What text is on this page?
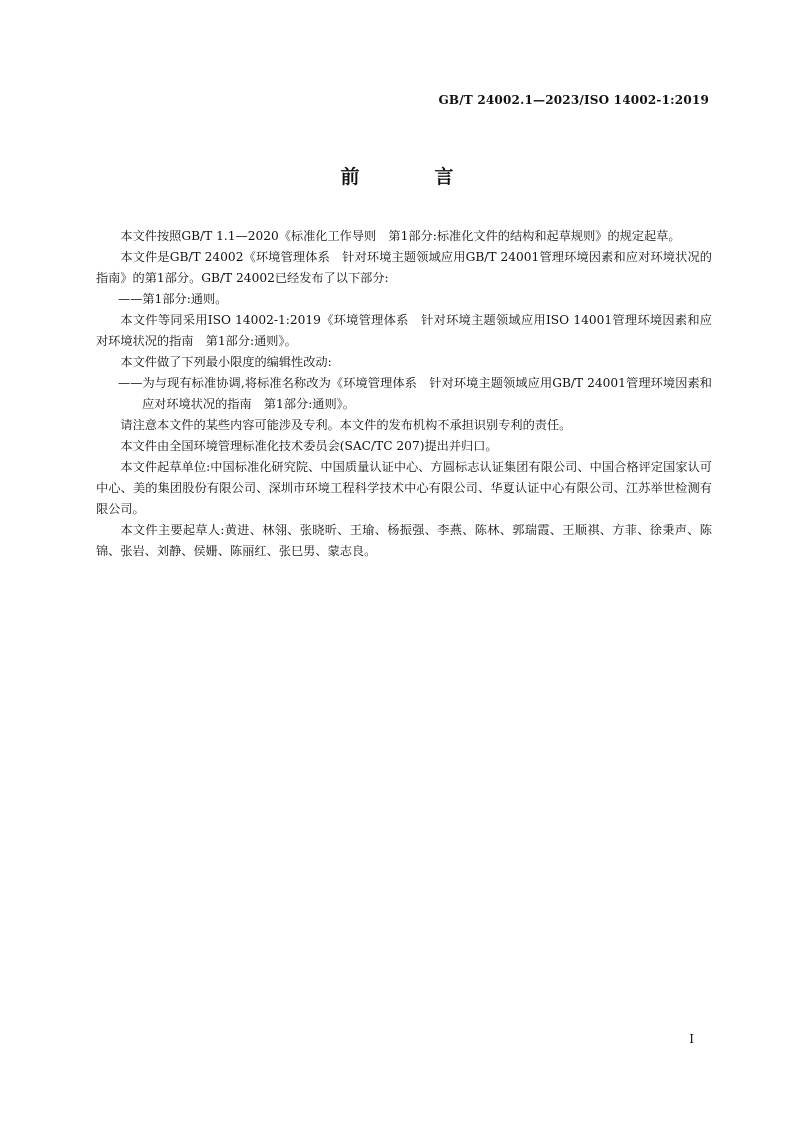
GB/T 24002.1—2023/ISO 14002-1:2019
前　言

本文件按照GB/T 1.1—2020《标准化工作导则　第1部分:标准化文件的结构和起草规则》的规定起草。

本文件是GB/T 24002《环境管理体系　针对环境主题领域应用GB/T 24001管理环境因素和应对环境状况的指南》的第1部分。GB/T 24002已经发布了以下部分:

——第1部分:通则。

本文件等同采用ISO 14002-1:2019《环境管理体系　针对环境主题领域应用ISO 14001管理环境因素和应对环境状况的指南　第1部分:通则》。

本文件做了下列最小限度的编辑性改动:

——为与现有标准协调,将标准名称改为《环境管理体系　针对环境主题领域应用GB/T 24001管理环境因素和应对环境状况的指南　第1部分:通则》。

请注意本文件的某些内容可能涉及专利。本文件的发布机构不承担识别专利的责任。

本文件由全国环境管理标准化技术委员会(SAC/TC 207)提出并归口。

本文件起草单位:中国标准化研究院、中国质量认证中心、方圆标志认证集团有限公司、中国合格评定国家认可中心、美的集团股份有限公司、深圳市环境工程科学技术中心有限公司、华夏认证中心有限公司、江苏举世检测有限公司。

本文件主要起草人:黄进、林翎、张晓昕、王瑜、杨振强、李燕、陈林、郭瑞霞、王顺祺、方菲、徐秉声、陈锦、张岩、刘静、侯姗、陈丽红、张巳男、蒙志良。

I
